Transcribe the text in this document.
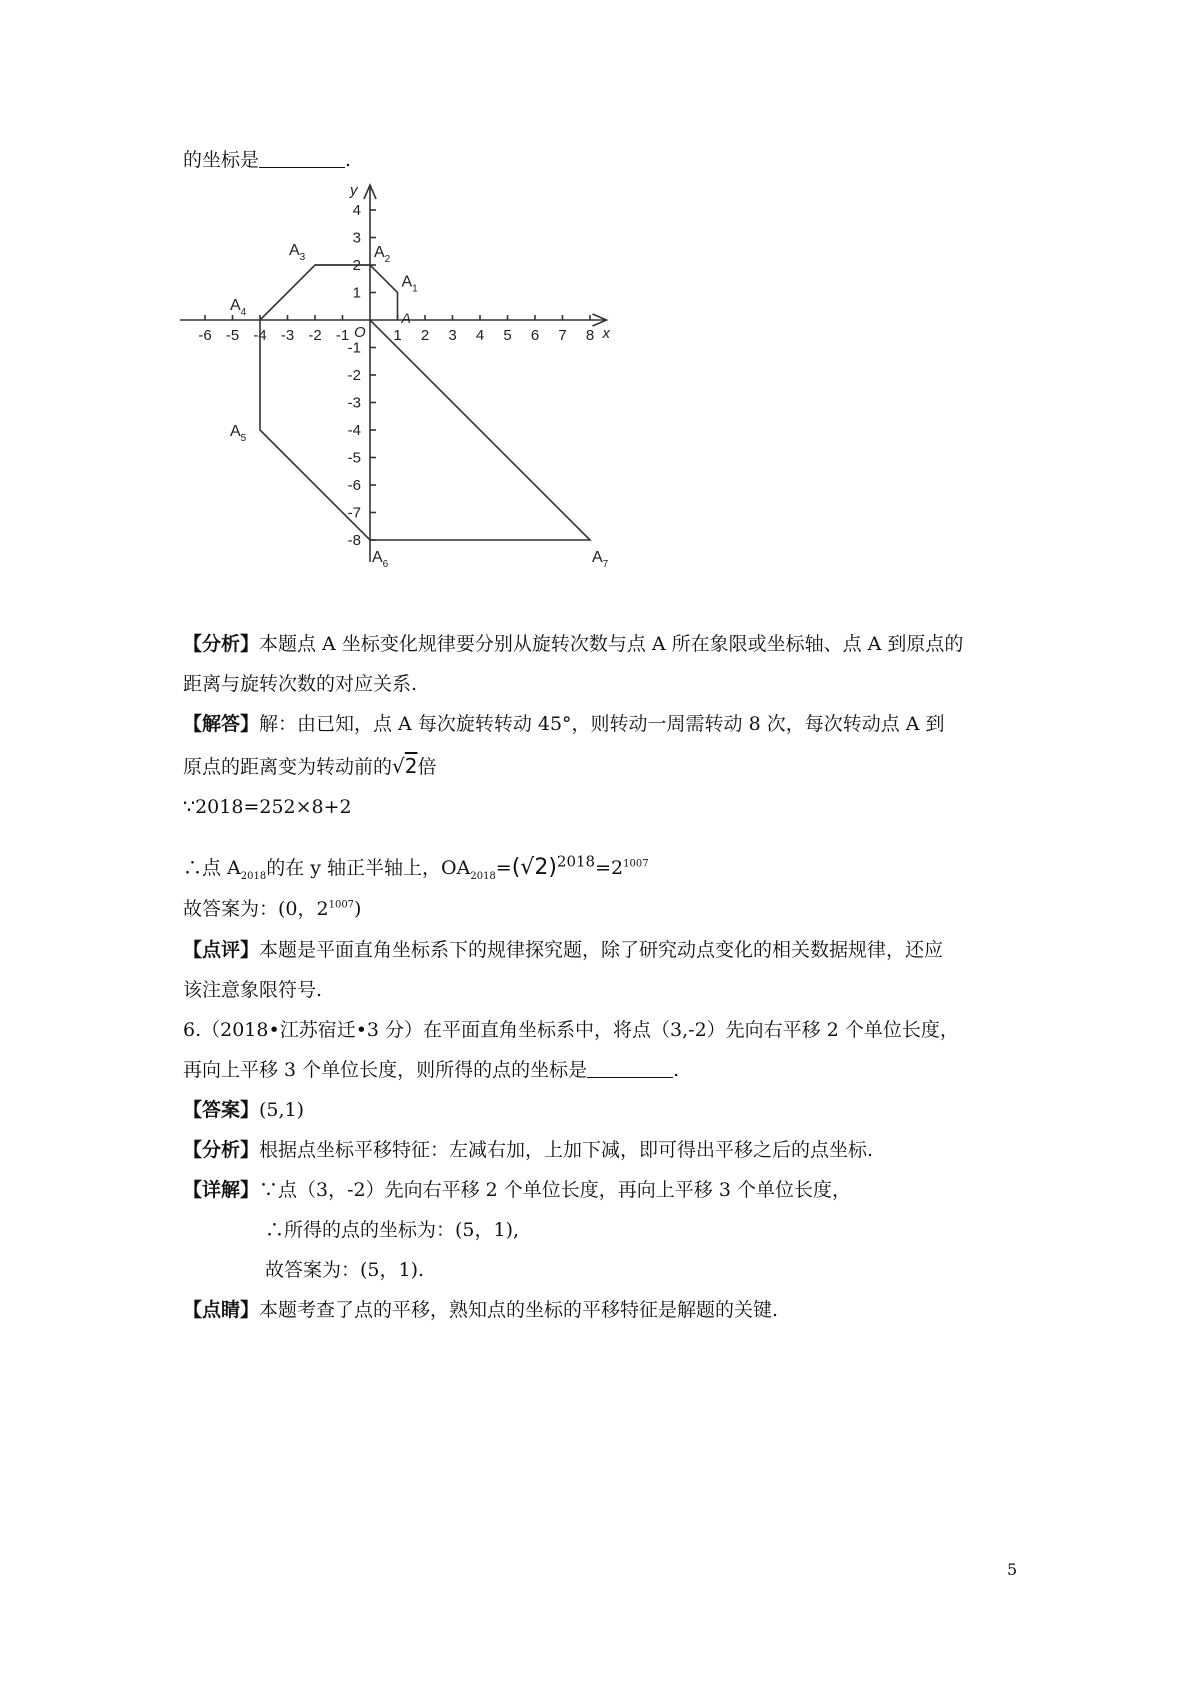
的坐标是	.
x
y
O
-6 -5 -4 -3 -2 -1	1 2 3 4 5 6 7 8
4
3
2
1
-1
-2
-3
-4
-5
-6
-7
-8
A
$A_1$
$A_2$
$A_3$
$A_4$
$A_5$
$A_6$	$A_7$
【分析】本题点 A 坐标变化规律要分别从旋转次数与点 A 所在象限或坐标轴、点 A 到原点的
距离与旋转次数的对应关系.
【解答】解：由已知，点 A 每次旋转转动 45°，则转动一周需转动 8 次，每次转动点 A 到
原点的距离变为转动前的√2倍
∵2018=252×8+2
∴点 $A_{2018}$的在 y 轴正半轴上，$OA_{2018}=(√2)^{2018}=2^{1007}$
故答案为：(0，$2^{1007}$)
【点评】本题是平面直角坐标系下的规律探究题，除了研究动点变化的相关数据规律，还应
该注意象限符号.
6.（2018•江苏宿迁•3 分）在平面直角坐标系中，将点（3,-2）先向右平移 2 个单位长度，
再向上平移 3 个单位长度，则所得的点的坐标是	.
【答案】(5,1)
【分析】根据点坐标平移特征：左减右加，上加下减，即可得出平移之后的点坐标.
【详解】∵点（3，-2）先向右平移 2 个单位长度，再向上平移 3 个单位长度，
∴所得的点的坐标为：(5，1),
故答案为：(5，1).
【点睛】本题考查了点的平移，熟知点的坐标的平移特征是解题的关键.
5
